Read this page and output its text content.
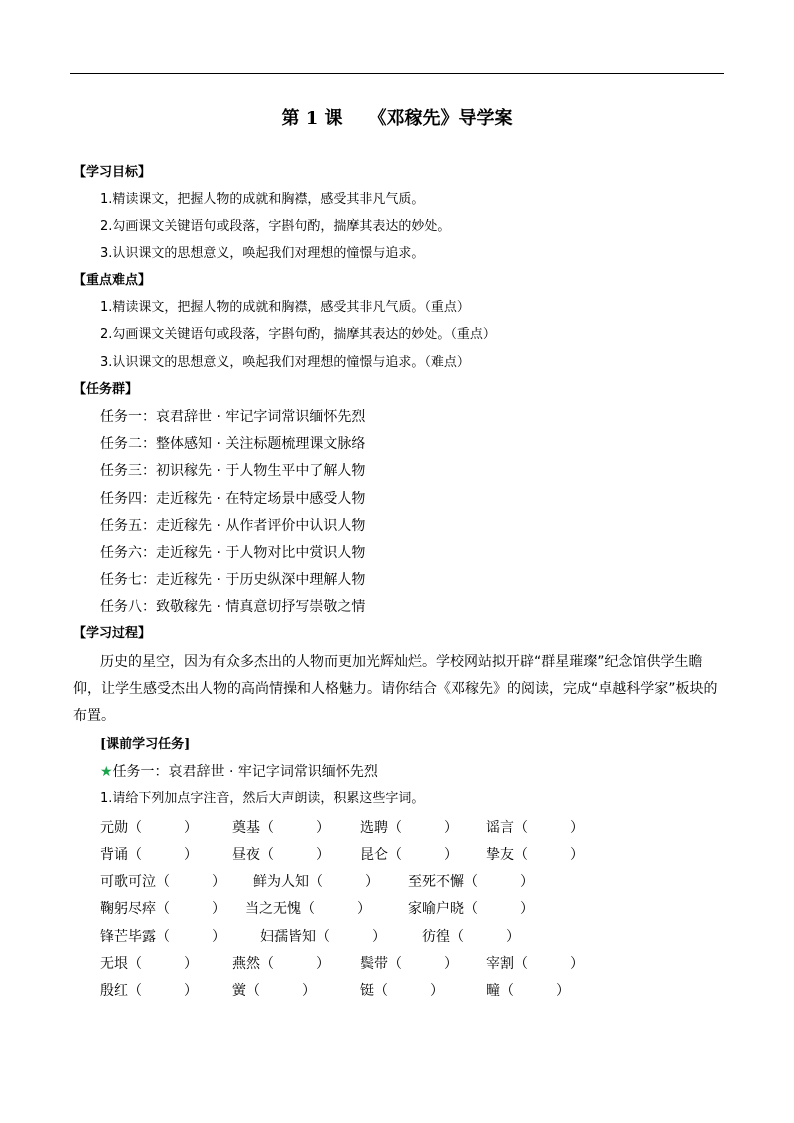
第 1 课 《邓稼先》导学案
【学习目标】
1.精读课文，把握人物的成就和胸襟，感受其非凡气质。
2.勾画课文关键语句或段落，字斟句酌，揣摩其表达的妙处。
3.认识课文的思想意义，唤起我们对理想的憧憬与追求。
【重点难点】
1.精读课文，把握人物的成就和胸襟，感受其非凡气质。（重点）
2.勾画课文关键语句或段落，字斟句酌，揣摩其表达的妙处。（重点）
3.认识课文的思想意义，唤起我们对理想的憧憬与追求。（难点）
【任务群】
任务一：哀君辞世 · 牢记字词常识缅怀先烈
任务二：整体感知 · 关注标题梳理课文脉络
任务三：初识稼先 · 于人物生平中了解人物
任务四：走近稼先 · 在特定场景中感受人物
任务五：走近稼先 · 从作者评价中认识人物
任务六：走近稼先 · 于人物对比中赏识人物
任务七：走近稼先 · 于历史纵深中理解人物
任务八：致敬稼先 · 情真意切抒写崇敬之情
【学习过程】
历史的星空，因为有众多杰出的人物而更加光辉灿烂。学校网站拟开辟“群星璀璨”纪念馆供学生瞻仰，让学生感受杰出人物的高尚情操和人格魅力。请你结合《邓稼先》的阅读，完成“卓越科学家”板块的布置。
[课前学习任务]
★任务一：哀君辞世 · 牢记字词常识缅怀先烈
1.请给下列加点字注音，然后大声朗读，积累这些字词。
元勋（　　　） 奠基（　　　） 选聘（　　　） 谣言（　　　）
背诵（　　　） 昼夜（　　　） 昆仑（　　　） 挚友（　　　）
可歌可泣（　　　） 鲜为人知（　　　） 至死不懈（　　　）
鞠躬尽瘁（　　　） 当之无愧（　　　）	家喻户晓（　　　）
锋芒毕露（　　　） 妇孺皆知（　　　）	彷徨（　　　）
无垠（　　　） 燕然（　　　） 鬓带（　　　） 宰割（　　　）
殷红（　　　） 黉（　　　）	铤（　　　）	疃（　　　）
